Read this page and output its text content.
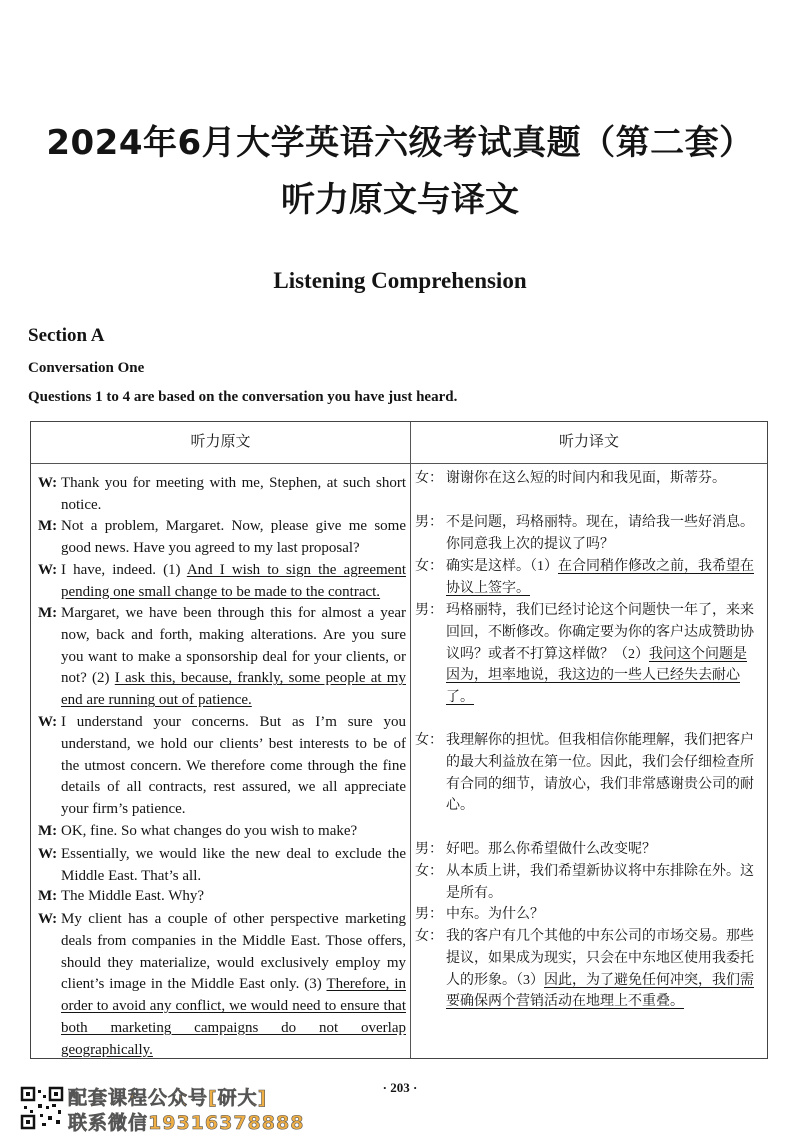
2024年6月大学英语六级考试真题（第二套）
听力原文与译文
Listening Comprehension
Section A
Conversation One
Questions 1 to 4 are based on the conversation you have just heard.
听力原文	听力译文
· 203 ·
配套课程公众号[研大]
联系微信19316378888
W: Thank you for meeting with me, Stephen, at such short notice.
M: Not a problem, Margaret. Now, please give me some good news. Have you agreed to my last proposal?
W: I have, indeed. (1) And I wish to sign the agreement pending one small change to be made to the contract.
M: Margaret, we have been through this for almost a year now, back and forth, making alterations. Are you sure you want to make a sponsorship deal for your clients, or not? (2) I ask this, because, frankly, some people at my end are running out of patience.
W: I understand your concerns. But as I’m sure you understand, we hold our clients’ best interests to be of the utmost concern. We therefore come through the fine details of all contracts, rest assured, we all appreciate your firm’s patience.
M: OK, fine. So what changes do you wish to make?
W: Essentially, we would like the new deal to exclude the Middle East. That’s all.
M: The Middle East. Why?
W: My client has a couple of other perspective marketing deals from companies in the Middle East. Those offers, should they materialize, would exclusively employ my client’s image in the Middle East only. (3) Therefore, in order to avoid any conflict, we would need to ensure that both marketing campaigns do not overlap geographically.
女： 谢谢你在这么短的时间内和我见面，斯蒂芬。
男： 不是问题，玛格丽特。现在，请给我一些好消息。你同意我上次的提议了吗？
女： 确实是这样。（1）在合同稍作修改之前，我希望在协议上签字。
男： 玛格丽特，我们已经讨论这个问题快一年了，来来回回，不断修改。你确定要为你的客户达成赞助协议吗？或者不打算这样做？（2）我问这个问题是因为，坦率地说，我这边的一些人已经失去耐心了。
女： 我理解你的担忧。但我相信你能理解，我们把客户的最大利益放在第一位。因此，我们会仔细检查所有合同的细节，请放心，我们非常感谢贵公司的耐心。
男： 好吧。那么你希望做什么改变呢？
女： 从本质上讲，我们希望新协议将中东排除在外。这是所有。
男： 中东。为什么？
女： 我的客户有几个其他的中东公司的市场交易。那些提议，如果成为现实，只会在中东地区使用我委托人的形象。（3）因此，为了避免任何冲突，我们需要确保两个营销活动在地理上不重叠。
